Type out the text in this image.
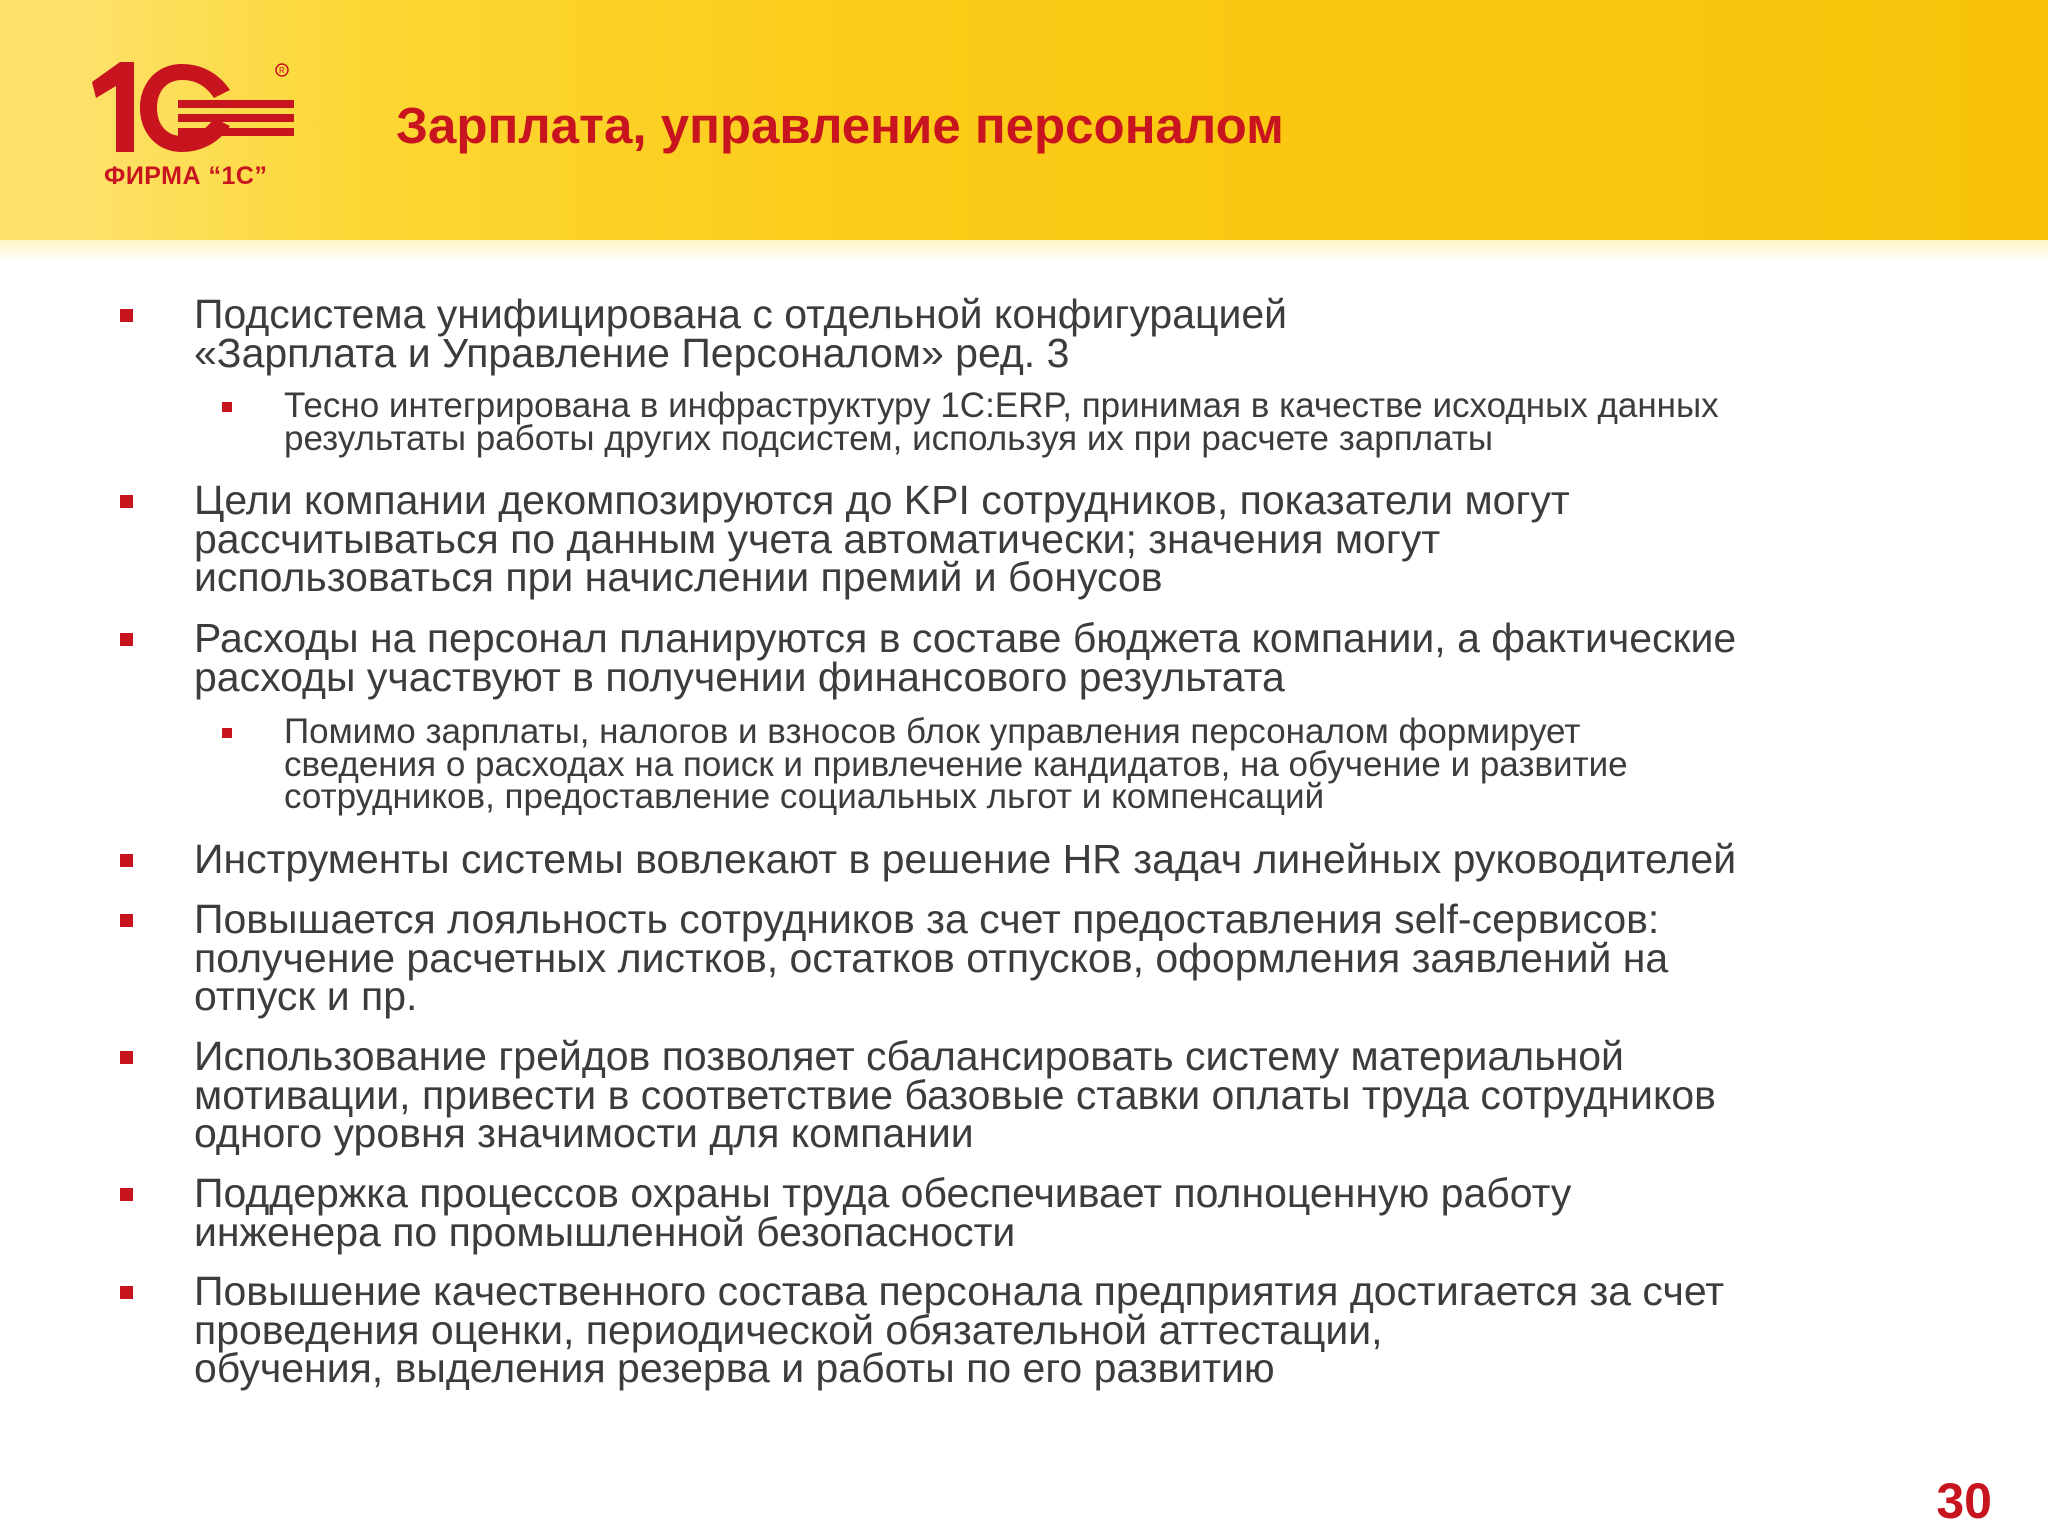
R
ФИРМА “1С”
Зарплата, управление персоналом
Подсистема унифицирована с отдельной конфигурацией
«Зарплата и Управление Персоналом» ред. 3
Тесно интегрирована в инфраструктуру 1С:ERP, принимая в качестве исходных данных
результаты работы других подсистем, используя их при расчете зарплаты
Цели компании декомпозируются до KPI сотрудников, показатели могут
рассчитываться по данным учета автоматически; значения могут
использоваться при начислении премий и бонусов
Расходы на персонал планируются в составе бюджета компании, а фактические
расходы участвуют в получении финансового результата
Помимо зарплаты, налогов и взносов блок управления персоналом формирует
сведения о расходах на поиск и привлечение кандидатов, на обучение и развитие
сотрудников, предоставление социальных льгот и компенсаций
Инструменты системы вовлекают в решение HR задач линейных руководителей
Повышается лояльность сотрудников за счет предоставления self-сервисов:
получение расчетных листков, остатков отпусков, оформления заявлений на
отпуск и пр.
Использование грейдов позволяет сбалансировать систему материальной
мотивации, привести в соответствие базовые ставки оплаты труда сотрудников
одного уровня значимости для компании
Поддержка процессов охраны труда обеспечивает полноценную работу
инженера по промышленной безопасности
Повышение качественного состава персонала предприятия достигается за счет
проведения оценки, периодической обязательной аттестации,
обучения, выделения резерва и работы по его развитию
30
